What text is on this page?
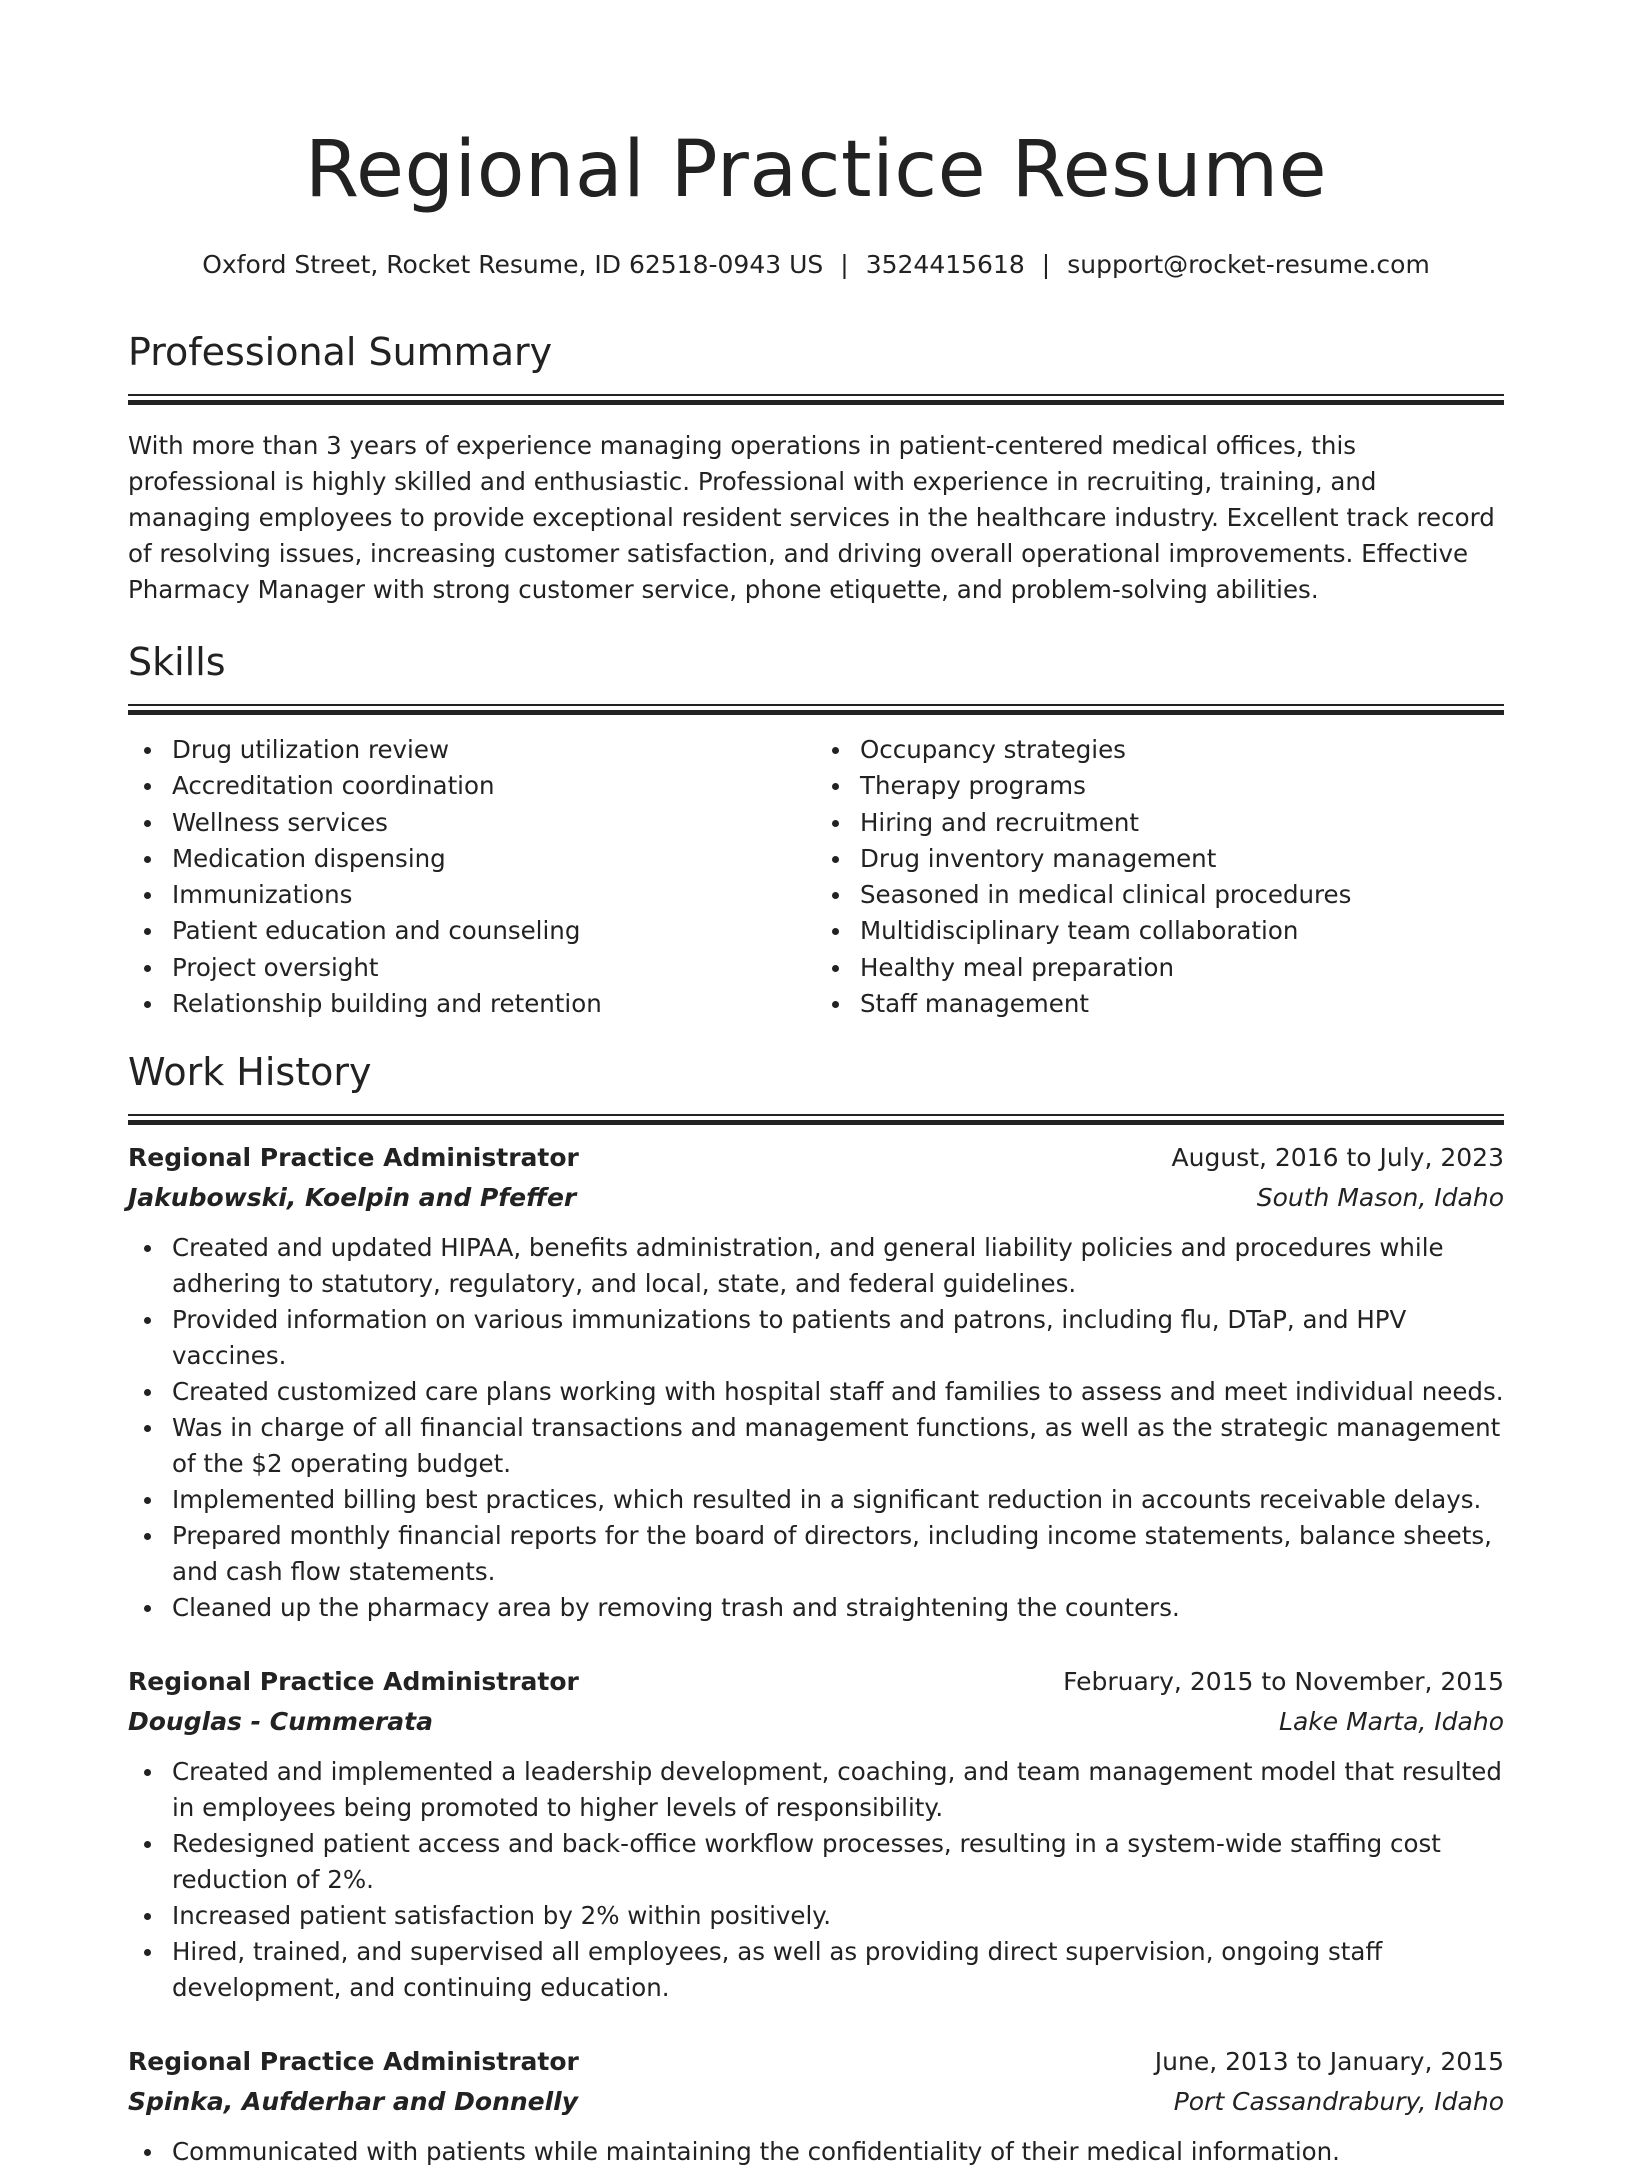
Regional Practice Resume
Oxford Street, Rocket Resume, ID 62518-0943 US | 3524415618 | support@rocket-resume.com
Professional Summary

With more than 3 years of experience managing operations in patient-centered medical offices, this professional is highly skilled and enthusiastic. Professional with experience in recruiting, training, and managing employees to provide exceptional resident services in the healthcare industry. Excellent track record of resolving issues, increasing customer satisfaction, and driving overall operational improvements. Effective Pharmacy Manager with strong customer service, phone etiquette, and problem-solving abilities.

Skills
Drug utilization review
Accreditation coordination
Wellness services
Medication dispensing
Immunizations
Patient education and counseling
Project oversight
Relationship building and retention
Occupancy strategies
Therapy programs
Hiring and recruitment
Drug inventory management
Seasoned in medical clinical procedures
Multidisciplinary team collaboration
Healthy meal preparation
Staff management
Work History
Regional Practice Administrator	August, 2016 to July, 2023
Jakubowski, Koelpin and Pfeffer	South Mason, Idaho
Created and updated HIPAA, benefits administration, and general liability policies and procedures while adhering to statutory, regulatory, and local, state, and federal guidelines.
Provided information on various immunizations to patients and patrons, including flu, DTaP, and HPV vaccines.
Created customized care plans working with hospital staff and families to assess and meet individual needs.
Was in charge of all financial transactions and management functions, as well as the strategic management of the $2 operating budget.
Implemented billing best practices, which resulted in a significant reduction in accounts receivable delays.
Prepared monthly financial reports for the board of directors, including income statements, balance sheets, and cash flow statements.
Cleaned up the pharmacy area by removing trash and straightening the counters.
Regional Practice Administrator	February, 2015 to November, 2015
Douglas - Cummerata	Lake Marta, Idaho
Created and implemented a leadership development, coaching, and team management model that resulted in employees being promoted to higher levels of responsibility.
Redesigned patient access and back-office workflow processes, resulting in a system-wide staffing cost reduction of 2%.
Increased patient satisfaction by 2% within positively.
Hired, trained, and supervised all employees, as well as providing direct supervision, ongoing staff development, and continuing education.
Regional Practice Administrator	June, 2013 to January, 2015
Spinka, Aufderhar and Donnelly	Port Cassandrabury, Idaho
Communicated with patients while maintaining the confidentiality of their medical information.
